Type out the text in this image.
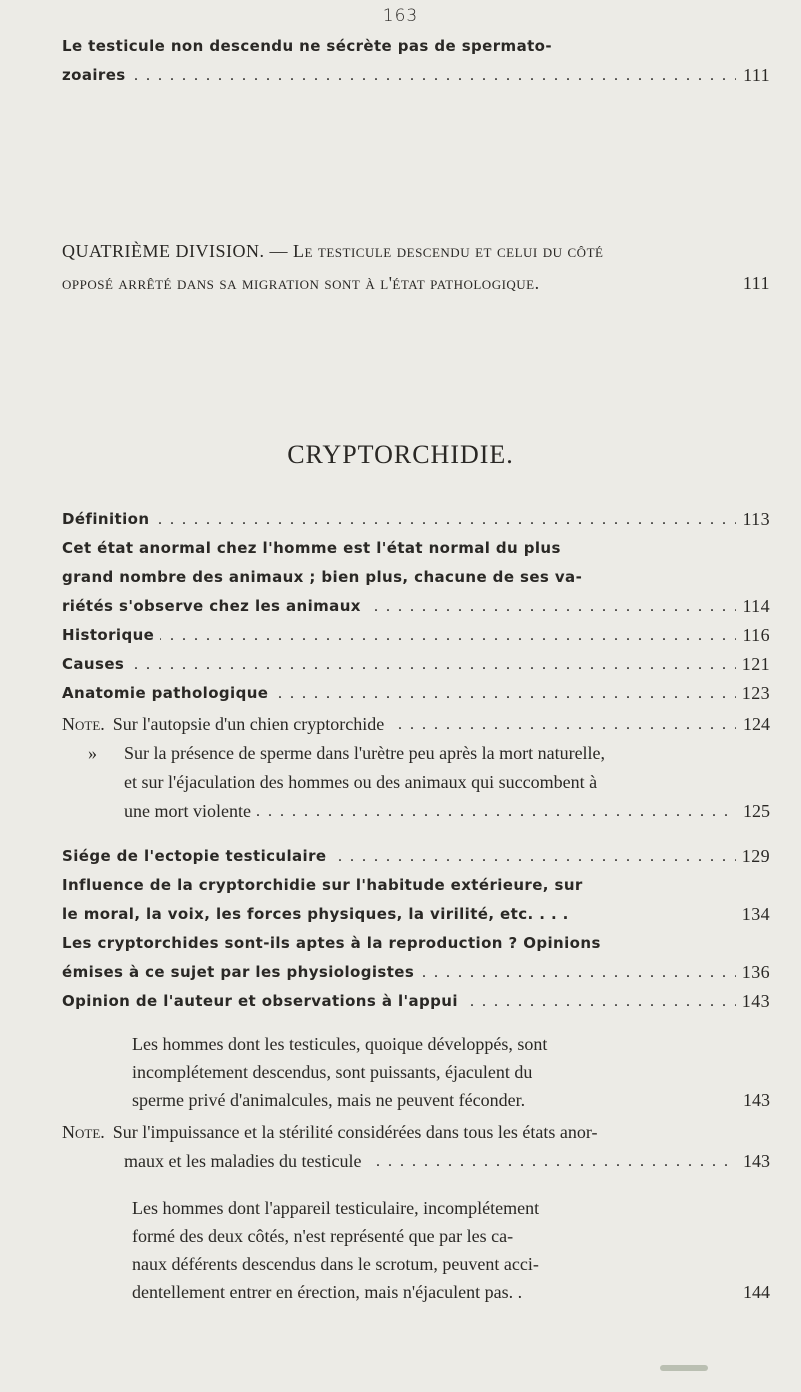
163
Le testicule non descendu ne sécrète pas de spermato-
zoaires . . .	111
QUATRIÈME DIVISION. — Le testicule descendu et celui du côté
opposé arrêté dans sa migration sont à l'état pathologique.	111
CRYPTORCHIDIE.
Définition . . .	113
Cet état anormal chez l'homme est l'état normal du plus
grand nombre des animaux ; bien plus, chacune de ses va-
riétés s'observe chez les animaux . . .	114
Historique . . .	116
Causes . . .	121
Anatomie pathologique . . .	123
Note. Sur l'autopsie d'un chien cryptorchide . . .	124
» Sur la présence de sperme dans l'urètre peu après la mort naturelle,
et sur l'éjaculation des hommes ou des animaux qui succombent à
une mort violente . . .	125
Siége de l'ectopie testiculaire . . .	129
Influence de la cryptorchidie sur l'habitude extérieure, sur
le moral, la voix, les forces physiques, la virilité, etc. . . .	134
Les cryptorchides sont-ils aptes à la reproduction ? Opinions
émises à ce sujet par les physiologistes . . .	136
Opinion de l'auteur et observations à l'appui . . .	143
Les hommes dont les testicules, quoique développés, sont
incomplétement descendus, sont puissants, éjaculent du
sperme privé d'animalcules, mais ne peuvent féconder.	143
Note. Sur l'impuissance et la stérilité considérées dans tous les états anor-
maux et les maladies du testicule . . .	143
Les hommes dont l'appareil testiculaire, incomplétement
formé des deux côtés, n'est représenté que par les ca-
naux déférents descendus dans le scrotum, peuvent acci-
dentellement entrer en érection, mais n'éjaculent pas. .	144
